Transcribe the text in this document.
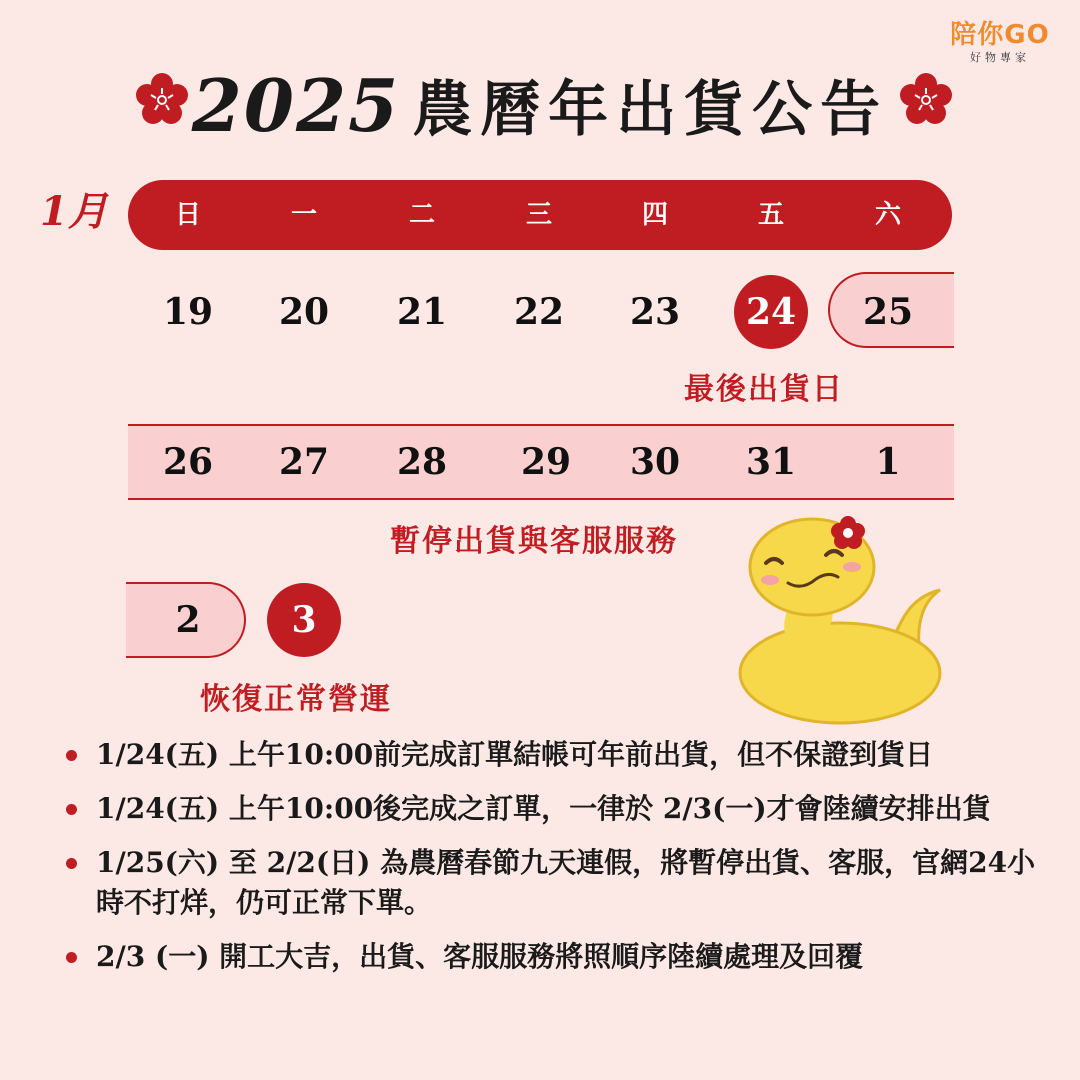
陪你GO
好物專家
2025 農曆年出貨公告
1月	日	一	二	三	四	五	六
19	20	21	22	23	24	25
最後出貨日
26	27	28	29	30	31	1
暫停出貨與客服服務
2	3
恢復正常營運
1/24(五) 上午10:00前完成訂單結帳可年前出貨，但不保證到貨日
1/24(五) 上午10:00後完成之訂單，一律於 2/3(一)才會陸續安排出貨
1/25(六) 至 2/2(日) 為農曆春節九天連假，將暫停出貨、客服，官網24小時不打烊，仍可正常下單。
2/3 (一) 開工大吉，出貨、客服服務將照順序陸續處理及回覆
